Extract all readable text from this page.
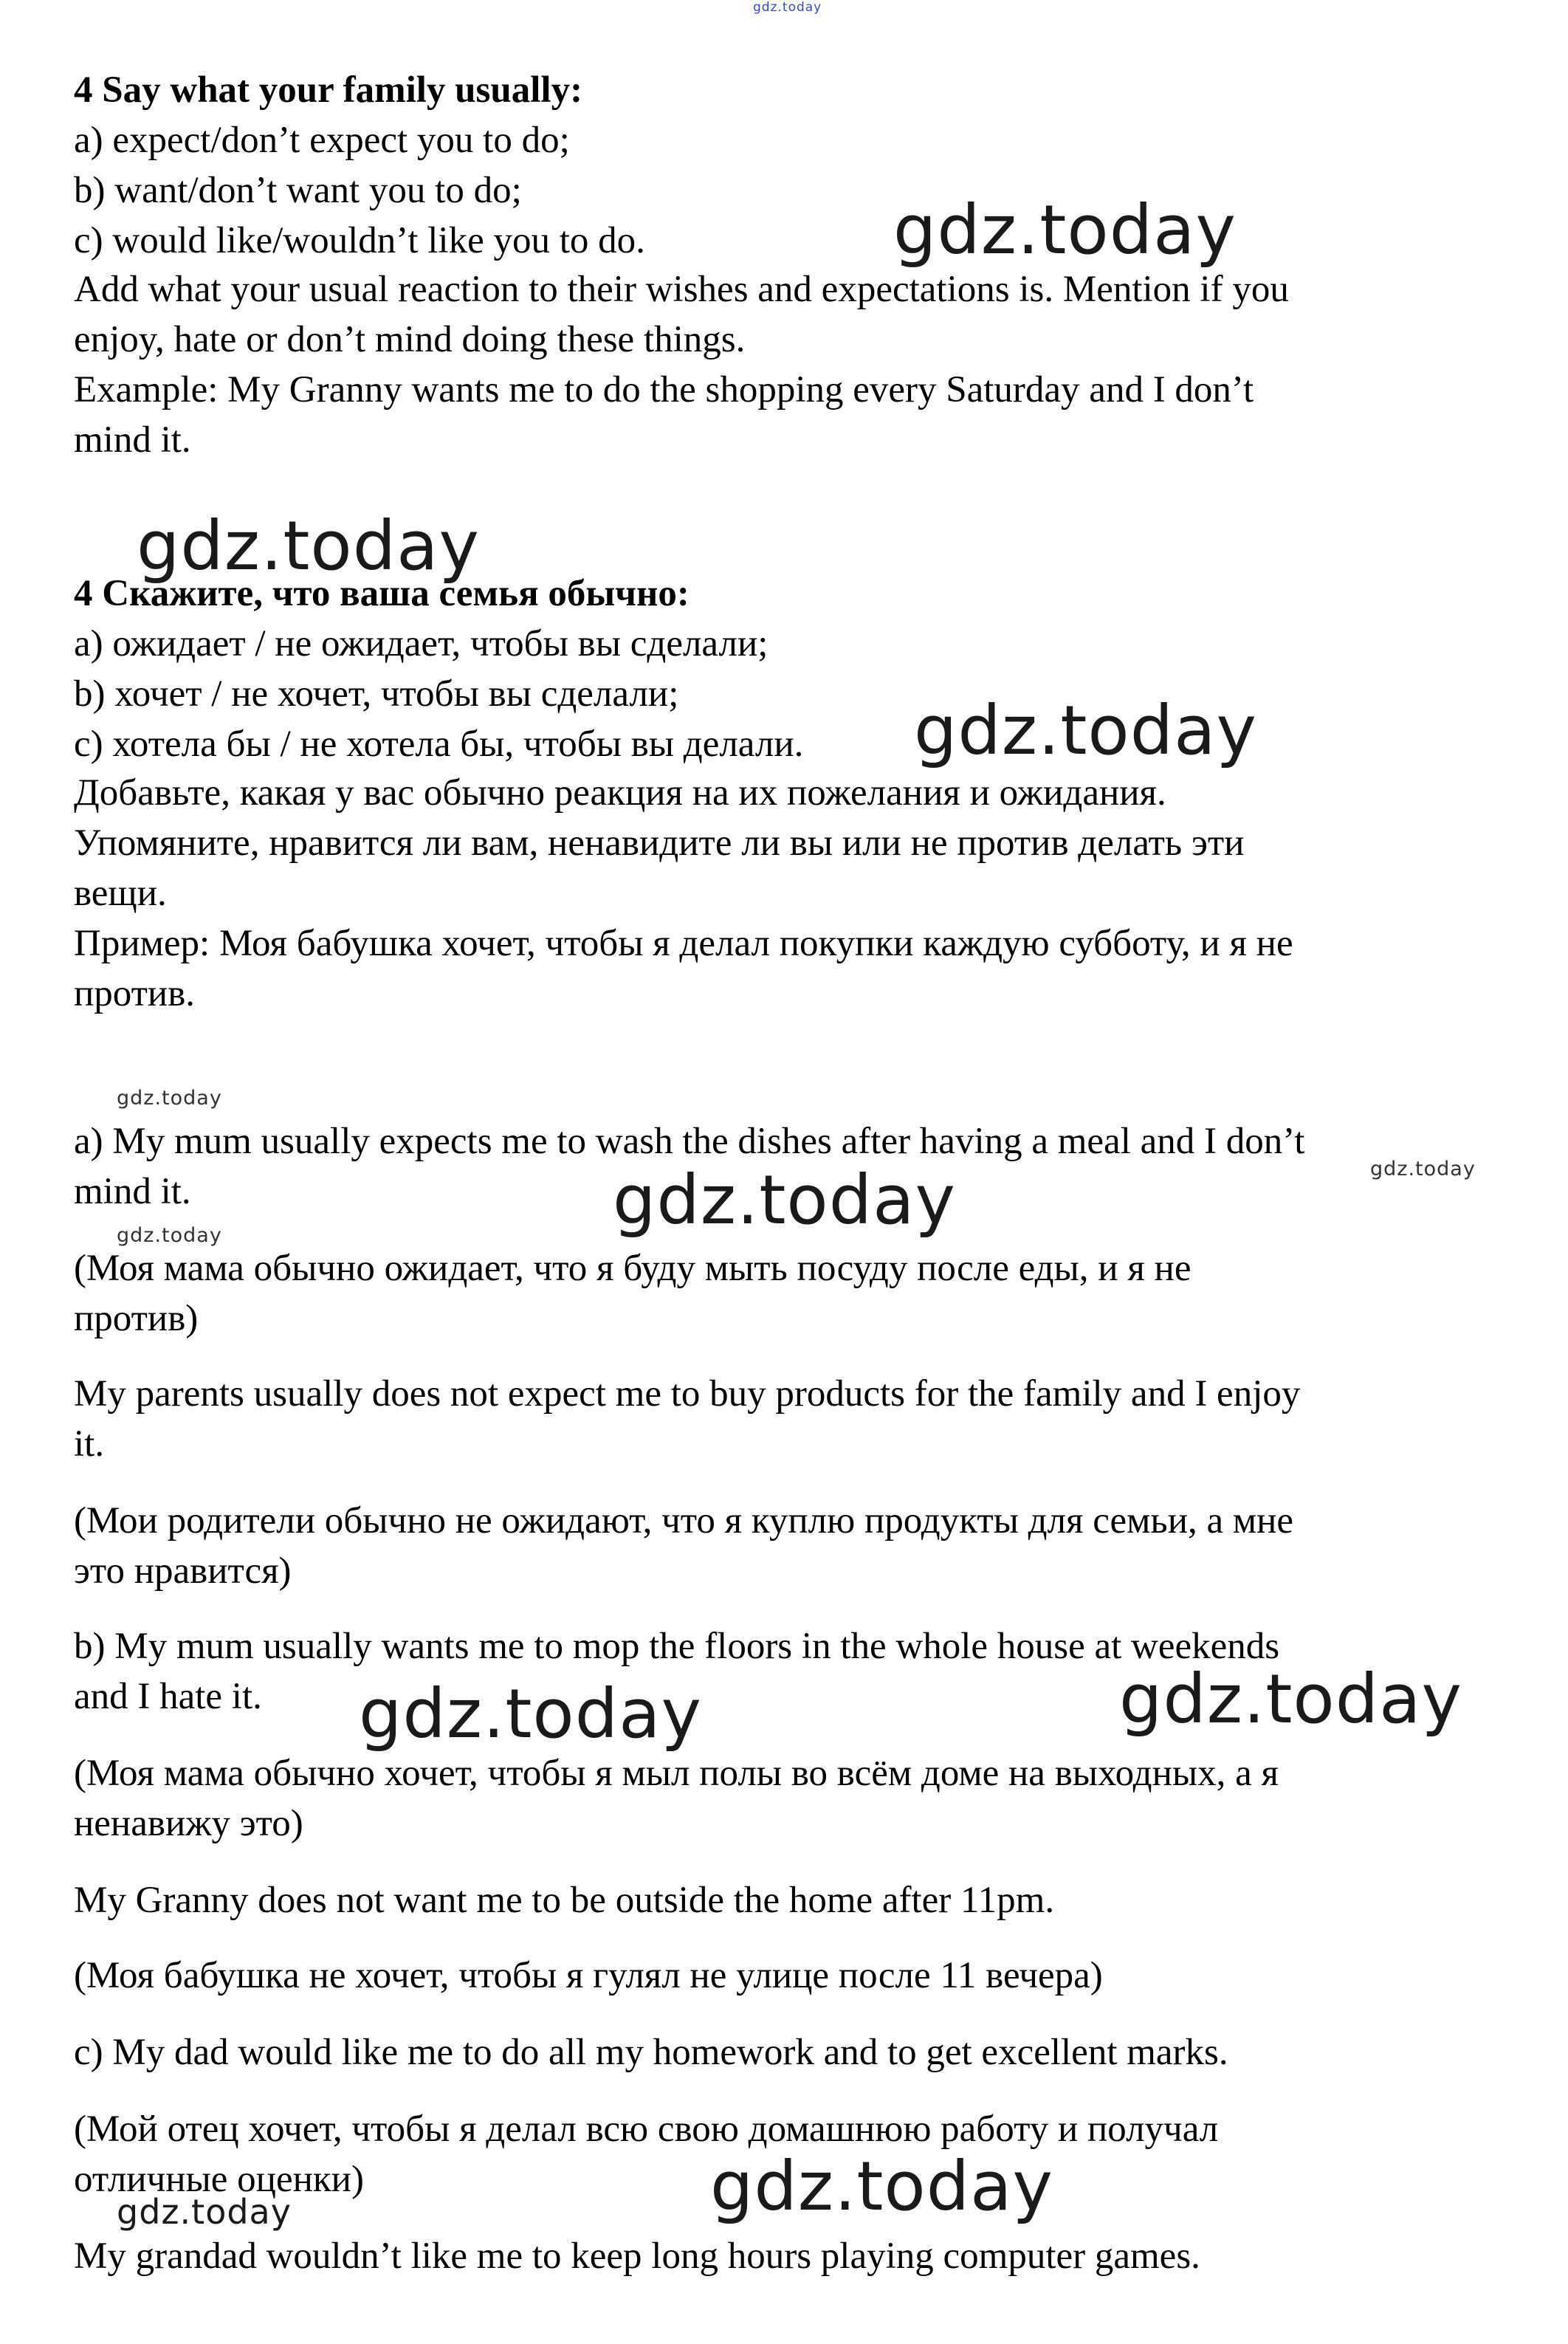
gdz.today
4 Say what your family usually:
a) expect/don’t expect you to do;
b) want/don’t want you to do;
c) would like/wouldn’t like you to do.
Add what your usual reaction to their wishes and expectations is. Mention if you
enjoy, hate or don’t mind doing these things.
Example: My Granny wants me to do the shopping every Saturday and I don’t
mind it.
4 Скажите, что ваша семья обычно:
a) ожидает / не ожидает, чтобы вы сделали;
b) хочет / не хочет, чтобы вы сделали;
c) хотела бы / не хотела бы, чтобы вы делали.
Добавьте, какая у вас обычно реакция на их пожелания и ожидания.
Упомяните, нравится ли вам, ненавидите ли вы или не против делать эти
вещи.
Пример: Моя бабушка хочет, чтобы я делал покупки каждую субботу, и я не
против.
a) My mum usually expects me to wash the dishes after having a meal and I don’t
mind it.
(Моя мама обычно ожидает, что я буду мыть посуду после еды, и я не
против)
My parents usually does not expect me to buy products for the family and I enjoy
it.
(Мои родители обычно не ожидают, что я куплю продукты для семьи, а мне
это нравится)
b) My mum usually wants me to mop the floors in the whole house at weekends
and I hate it.
(Моя мама обычно хочет, чтобы я мыл полы во всём доме на выходных, а я
ненавижу это)
My Granny does not want me to be outside the home after 11pm.
(Моя бабушка не хочет, чтобы я гулял не улице после 11 вечера)
c) My dad would like me to do all my homework and to get excellent marks.
(Мой отец хочет, чтобы я делал всю свою домашнюю работу и получал
отличные оценки)
My grandad wouldn’t like me to keep long hours playing computer games.
gdz.today
gdz.today
gdz.today
gdz.today
gdz.today
gdz.today
gdz.today
gdz.today	gdz.today
gdz.today
gdz.today
